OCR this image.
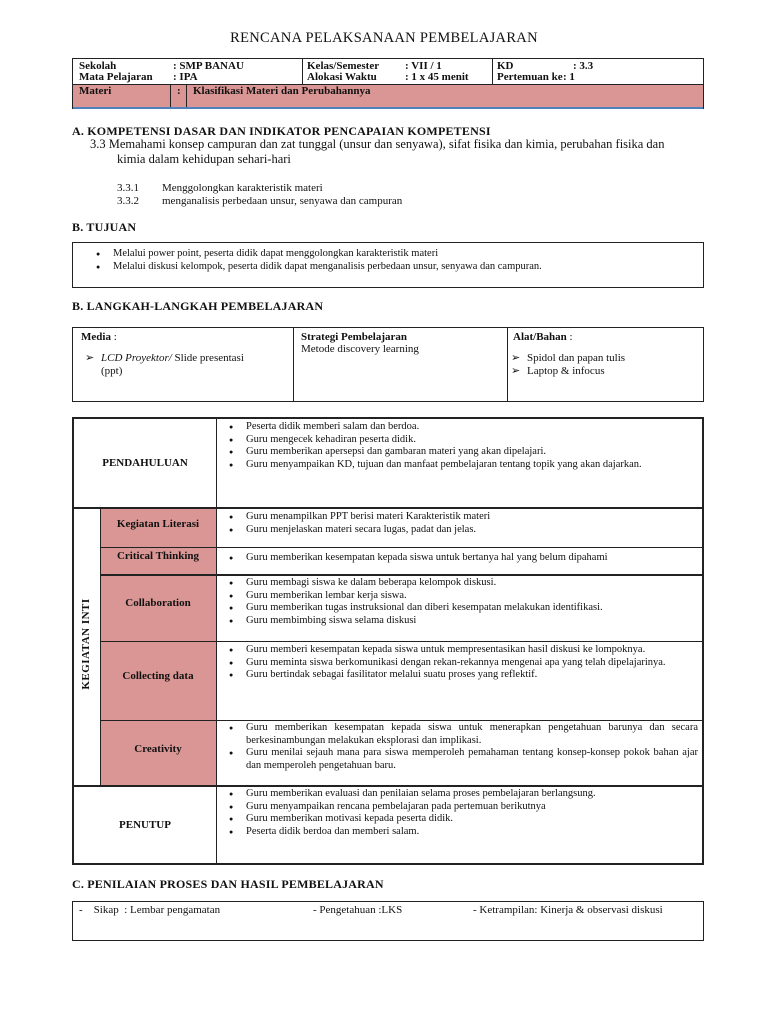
RENCANA PELAKSANAAN PEMBELAJARAN
Sekolah	: SMP BANAU
Mata Pelajaran : IPA
Kelas/Semester : VII / 1
Alokasi Waktu	: 1 x 45 menit
KD	: 3.3
Pertemuan ke : 1
Materi	: Klasifikasi Materi dan Perubahannya
A. KOMPETENSI DASAR DAN INDIKATOR PENCAPAIAN KOMPETENSI
3.3 Memahami konsep campuran dan zat tunggal (unsur dan senyawa), sifat fisika dan kimia, perubahan fisika dan
kimia dalam kehidupan sehari-hari
3.3.1 Menggolongkan karakteristik materi
3.3.2 menganalisis perbedaan unsur, senyawa dan campuran
B. TUJUAN
● Melalui power point, peserta didik dapat menggolongkan karakteristik materi
● Melalui diskusi kelompok, peserta didik dapat menganalisis perbedaan unsur, senyawa dan campuran.
B. LANGKAH-LANGKAH PEMBELAJARAN
Media :
➢ LCD Proyektor/ Slide presentasi
(ppt)
Strategi Pembelajaran
Metode discovery learning
Alat/Bahan :
➢ Spidol dan papan tulis
➢ Laptop & infocus
PENDAHULUAN
● Peserta didik memberi salam dan berdoa.
● Guru mengecek kehadiran peserta didik.
● Guru memberikan apersepsi dan gambaran materi yang akan dipelajari.
● Guru menyampaikan KD, tujuan dan manfaat pembelajaran tentang topik yang akan dajarkan.
Kegiatan Literasi
● Guru menampilkan PPT berisi materi Karakteristik materi
● Guru menjelaskan materi secara lugas, padat dan jelas.
Critical Thinking
●	Guru memberikan kesempatan kepada siswa untuk bertanya hal yang belum dipahami
Collaboration
● Guru membagi siswa ke dalam beberapa kelompok diskusi.
● Guru memberikan lembar kerja siswa.
● Guru memberikan tugas instruksional dan diberi kesempatan melakukan identifikasi.
● Guru membimbing siswa selama diskusi
Collecting data
● Guru memberi kesempatan kepada siswa untuk mempresentasikan hasil diskusi ke lompoknya.
● Guru meminta siswa berkomunikasi dengan rekan-rekannya mengenai apa yang telah dipelajarinya.
● Guru bertindak sebagai fasilitator melalui suatu proses yang reflektif.
Creativity
● Guru memberikan kesempatan kepada siswa untuk menerapkan pengetahuan barunya dan secara berkesinambungan melakukan eksplorasi dan implikasi.
● Guru menilai sejauh mana para siswa memperoleh pemahaman tentang konsep-konsep pokok bahan ajar dan memperoleh pengetahuan baru.
PENUTUP
● Guru memberikan evaluasi dan penilaian selama proses pembelajaran berlangsung.
● Guru menyampaikan rencana pembelajaran pada pertemuan berikutnya
● Guru memberikan motivasi kepada peserta didik.
● Peserta didik berdoa dan memberi salam.
KEGIATAN INTI
C. PENILAIAN PROSES DAN HASIL PEMBELAJARAN
-    Sikap  : Lembar pengamatan	- Pengetahuan :LKS	- Ketrampilan: Kinerja & observasi diskusi
